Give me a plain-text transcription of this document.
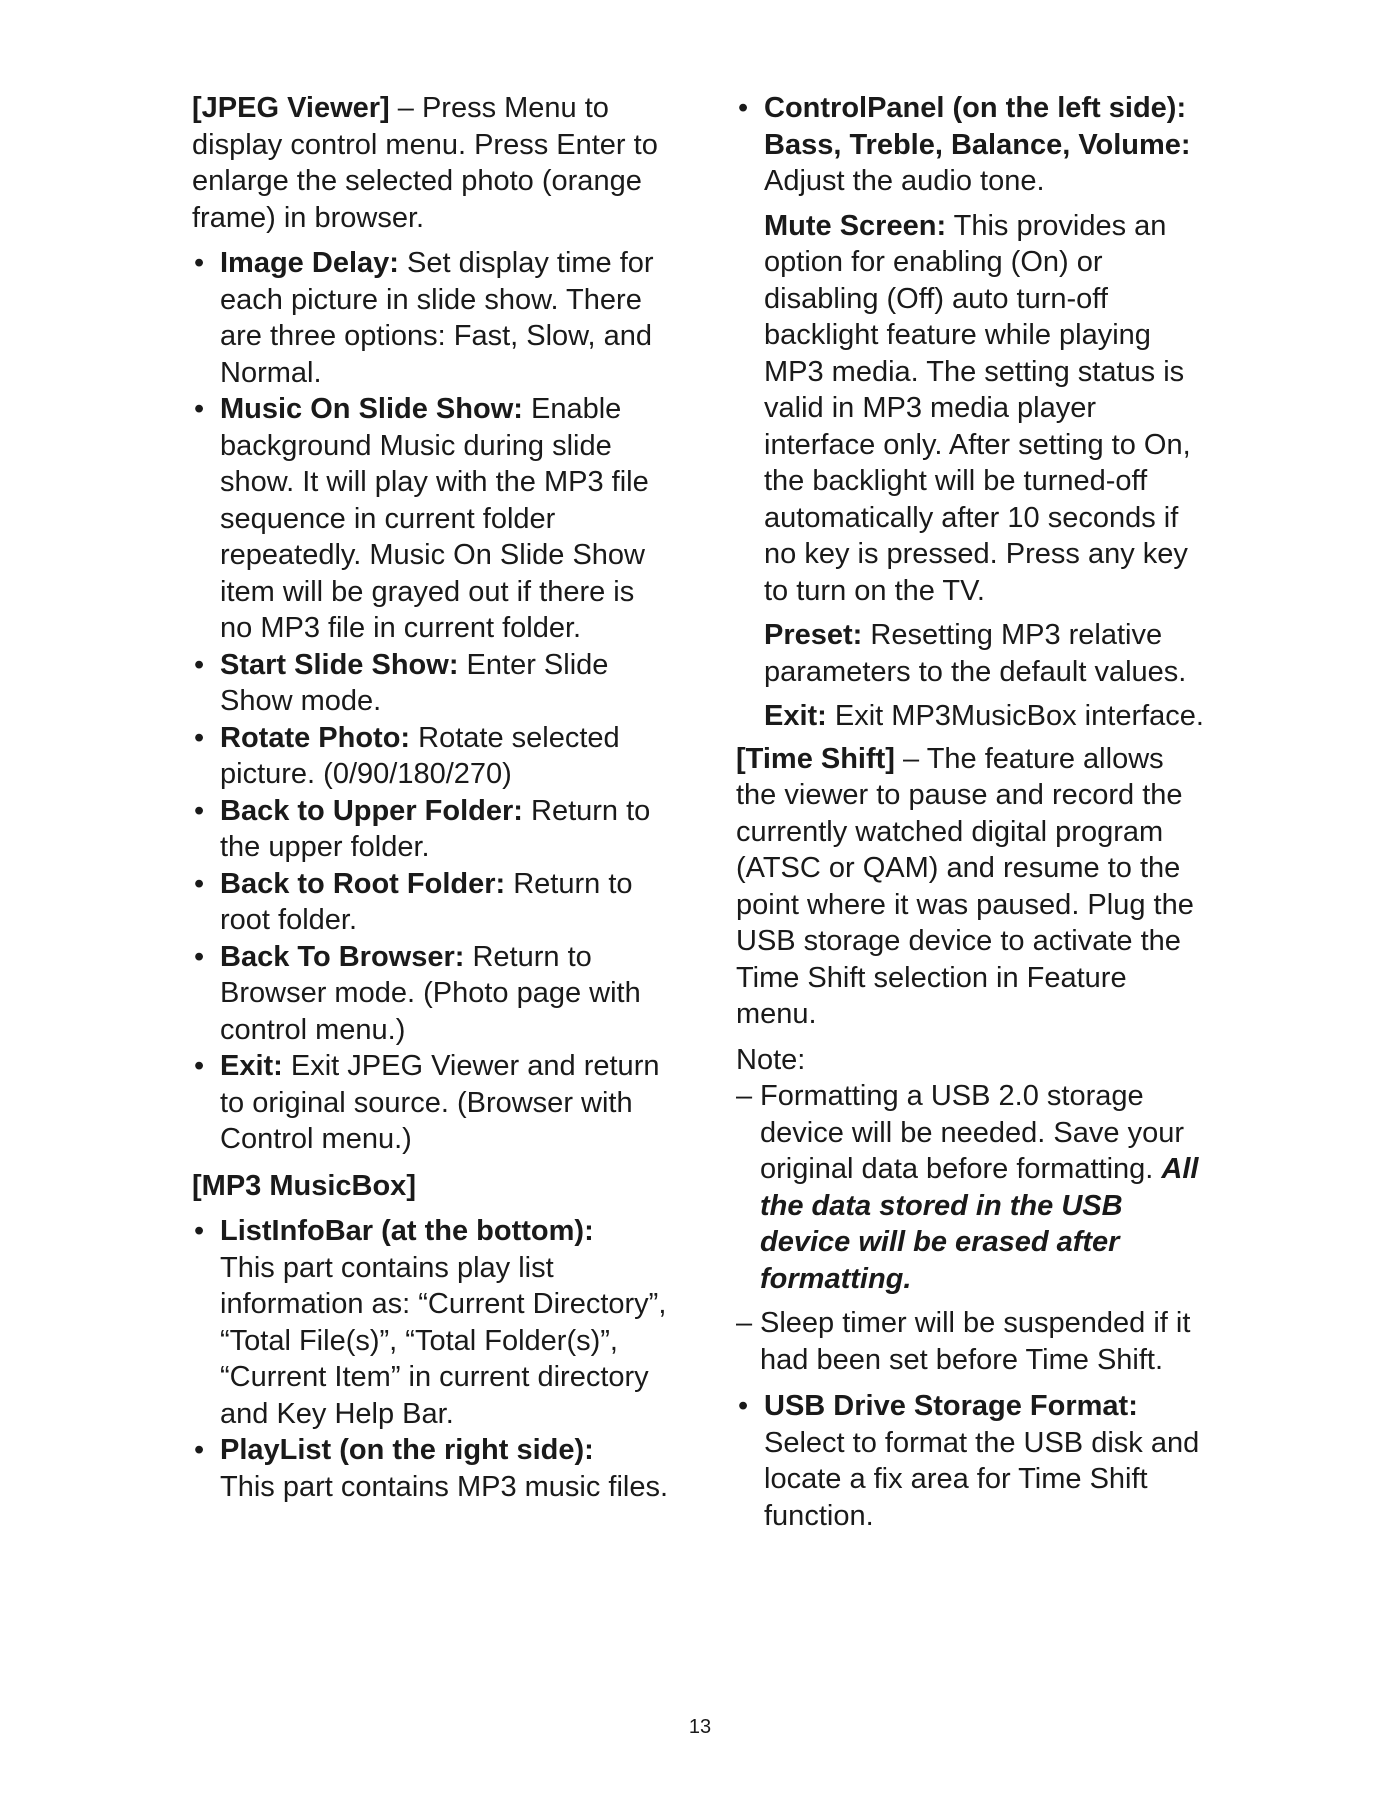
[JPEG Viewer] – Press Menu to display control menu. Press Enter to enlarge the selected photo (orange frame) in browser.

• Image Delay: Set display time for each picture in slide show. There are three options: Fast, Slow, and Normal.
• Music On Slide Show: Enable background Music during slide show. It will play with the MP3 file sequence in current folder repeatedly. Music On Slide Show item will be grayed out if there is no MP3 file in current folder.
• Start Slide Show: Enter Slide Show mode.
• Rotate Photo: Rotate selected picture. (0/90/180/270)
• Back to Upper Folder: Return to the upper folder.
• Back to Root Folder: Return to root folder.
• Back To Browser: Return to Browser mode. (Photo page with control menu.)
• Exit: Exit JPEG Viewer and return to original source. (Browser with Control menu.)

[MP3 MusicBox]

• ListInfoBar (at the bottom):
This part contains play list information as: “Current Directory”, “Total File(s)”, “Total Folder(s)”, “Current Item” in current directory and Key Help Bar.
• PlayList (on the right side):
This part contains MP3 music files.
• ControlPanel (on the left side):

Bass, Treble, Balance, Volume:
Adjust the audio tone.

Mute Screen: This provides an option for enabling (On) or disabling (Off) auto turn-off backlight feature while playing MP3 media. The setting status is valid in MP3 media player interface only. After setting to On, the backlight will be turned-off automatically after 10 seconds if no key is pressed. Press any key to turn on the TV.

Preset: Resetting MP3 relative parameters to the default values.

Exit: Exit MP3MusicBox interface.

[Time Shift] – The feature allows the viewer to pause and record the currently watched digital program (ATSC or QAM) and resume to the point where it was paused. Plug the USB storage device to activate the Time Shift selection in Feature menu.

Note:

– Formatting a USB 2.0 storage device will be needed. Save your original data before formatting. All the data stored in the USB device will be erased after formatting.
– Sleep timer will be suspended if it had been set before Time Shift.
• USB Drive Storage Format:
Select to format the USB disk and locate a fix area for Time Shift function.
13
